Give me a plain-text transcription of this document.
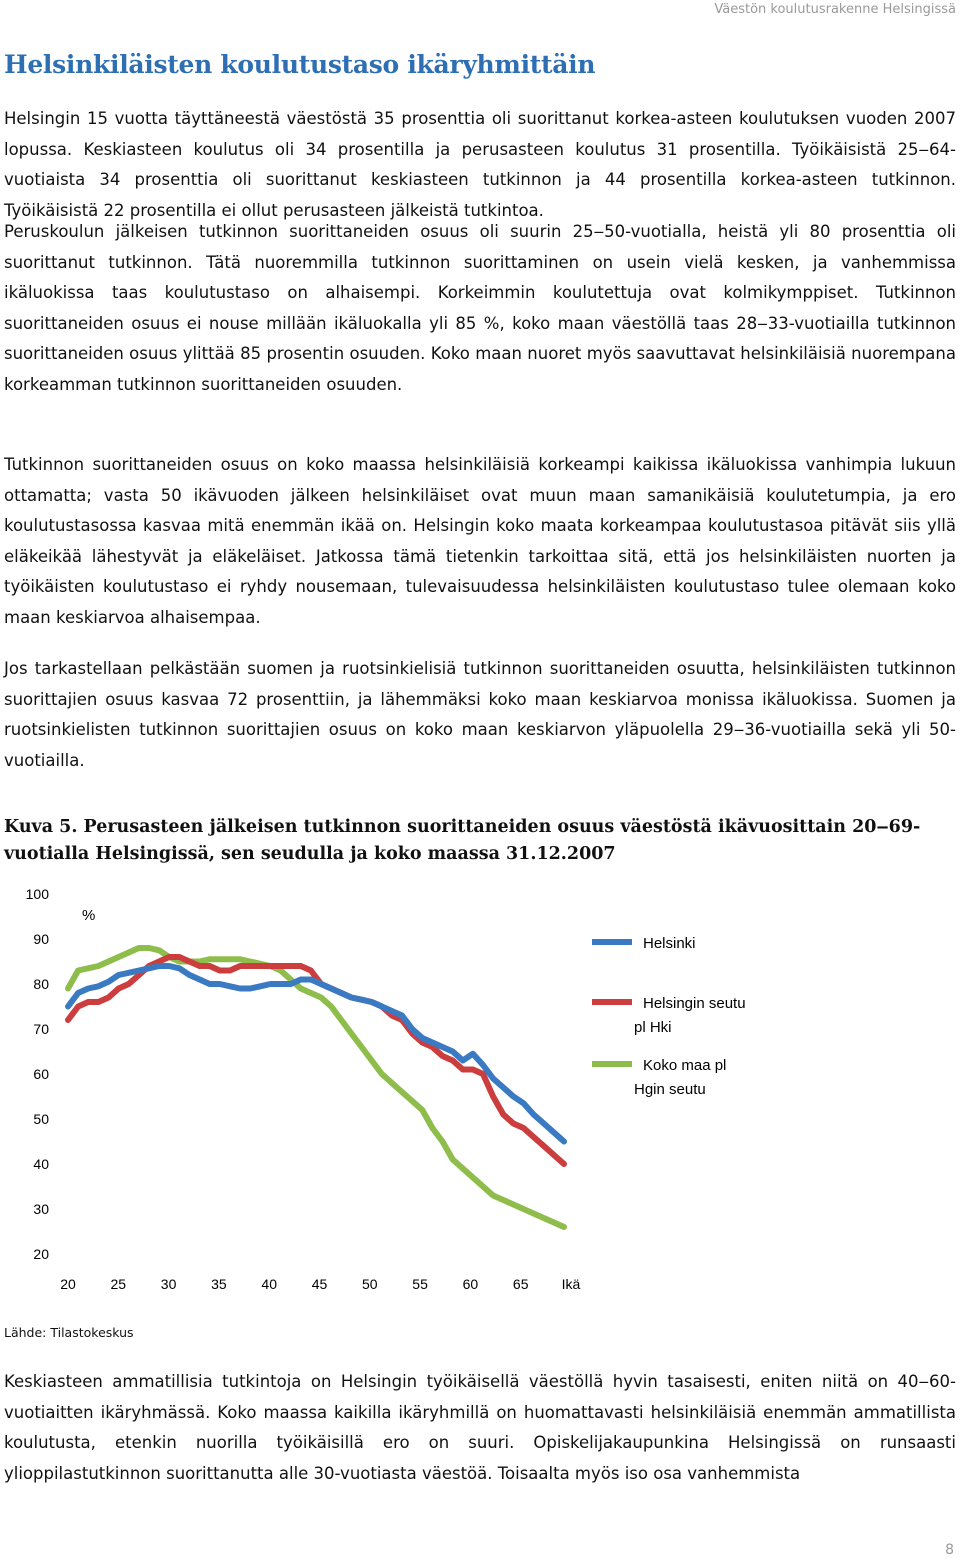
Väestön koulutusrakenne Helsingissä
Helsinkiläisten koulutustaso ikäryhmittäin

Helsingin 15 vuotta täyttäneestä väestöstä 35 prosenttia oli suorittanut korkea-asteen koulutuksen vuoden 2007 lopussa. Keskiasteen koulutus oli 34 prosentilla ja perusasteen koulutus 31 prosentilla. Työikäisistä 25‒64-vuotiaista 34 prosenttia oli suorittanut keskiasteen tutkinnon ja 44 prosentilla korkea-asteen tutkinnon. Työikäisistä 22 prosentilla ei ollut perusasteen jälkeistä tutkintoa.

Peruskoulun jälkeisen tutkinnon suorittaneiden osuus oli suurin 25‒50-vuotialla, heistä yli 80 prosenttia oli suorittanut tutkinnon. Tätä nuoremmilla tutkinnon suorittaminen on usein vielä kesken, ja vanhemmissa ikäluokissa taas koulutustaso on alhaisempi. Korkeimmin koulutettuja ovat kolmikymppiset. Tutkinnon suorittaneiden osuus ei nouse millään ikäluokalla yli 85 %, koko maan väestöllä taas 28‒33-vuotiailla tutkinnon suorittaneiden osuus ylittää 85 prosentin osuuden. Koko maan nuoret myös saavuttavat helsinkiläisiä nuorempana korkeamman tutkinnon suorittaneiden osuuden.

Tutkinnon suorittaneiden osuus on koko maassa helsinkiläisiä korkeampi kaikissa ikäluokissa vanhimpia lukuun ottamatta; vasta 50 ikävuoden jälkeen helsinkiläiset ovat muun maan samanikäisiä koulutetumpia, ja ero koulutustasossa kasvaa mitä enemmän ikää on. Helsingin koko maata korkeampaa koulutustasoa pitävät siis yllä eläkeikää lähestyvät ja eläkeläiset. Jatkossa tämä tietenkin tarkoittaa sitä, että jos helsinkiläisten nuorten ja työikäisten koulutustaso ei ryhdy nousemaan, tulevaisuudessa helsinkiläisten koulutustaso tulee olemaan koko maan keskiarvoa alhaisempaa.

Jos tarkastellaan pelkästään suomen ja ruotsinkielisiä tutkinnon suorittaneiden osuutta, helsinkiläisten tutkinnon suorittajien osuus kasvaa 72 prosenttiin, ja lähemmäksi koko maan keskiarvoa monissa ikäluokissa. Suomen ja ruotsinkielisten tutkinnon suorittajien osuus on koko maan keskiarvon yläpuolella 29‒36-vuotiailla sekä yli 50-vuotiailla.

Kuva 5. Perusasteen jälkeisen tutkinnon suorittaneiden osuus väestöstä ikävuosittain 20‒69-vuotialla Helsingissä, sen seudulla ja koko maassa 31.12.2007

20
30
40
50
60
70
80
90
100
20 25 30 35 40 45 50 55 60 65 Ikä
%
Helsinki
Helsingin seutu pl Hki
Koko maa pl Hgin seutu
Lähde: Tilastokeskus

Keskiasteen ammatillisia tutkintoja on Helsingin työikäisellä väestöllä hyvin tasaisesti, eniten niitä on 40‒60-vuotiaitten ikäryhmässä. Koko maassa kaikilla ikäryhmillä on huomattavasti helsinkiläisiä enemmän ammatillista koulutusta, etenkin nuorilla työikäisillä ero on suuri. Opiskelijakaupunkina Helsingissä on runsaasti ylioppilastutkinnon suorittanutta alle 30-vuotiasta väestöä. Toisaalta myös iso osa vanhemmista

8
